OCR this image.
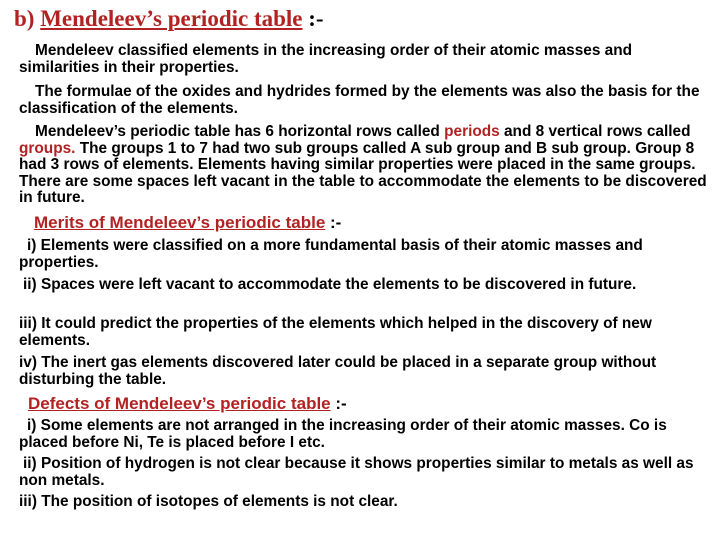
b) Mendeleev’s periodic table :-

Mendeleev classified elements in the increasing order of their atomic masses and similarities in their properties.

The formulae of the oxides and hydrides formed by the elements was also the basis for the classification of the elements.

Mendeleev’s periodic table has 6 horizontal rows called periods and 8 vertical rows called groups. The groups 1 to 7 had two sub groups called A sub group and B sub group. Group 8 had 3 rows of elements. Elements having similar properties were placed in the same groups. There are some spaces left vacant in the table to accommodate the elements to be discovered in future.

Merits of Mendeleev’s periodic table :-

i) Elements were classified on a more fundamental basis of their atomic masses and properties.

ii) Spaces were left vacant to accommodate the elements to be discovered in future.

iii) It could predict the properties of the elements which helped in the discovery of new elements.

iv) The inert gas elements discovered later could be placed in a separate group without disturbing the table.

Defects of Mendeleev’s periodic table :-

i) Some elements are not arranged in the increasing order of their atomic masses. Co is placed before Ni, Te is placed before I etc.

ii) Position of hydrogen is not clear because it shows properties similar to metals as well as non metals.

iii) The position of isotopes of elements is not clear.
